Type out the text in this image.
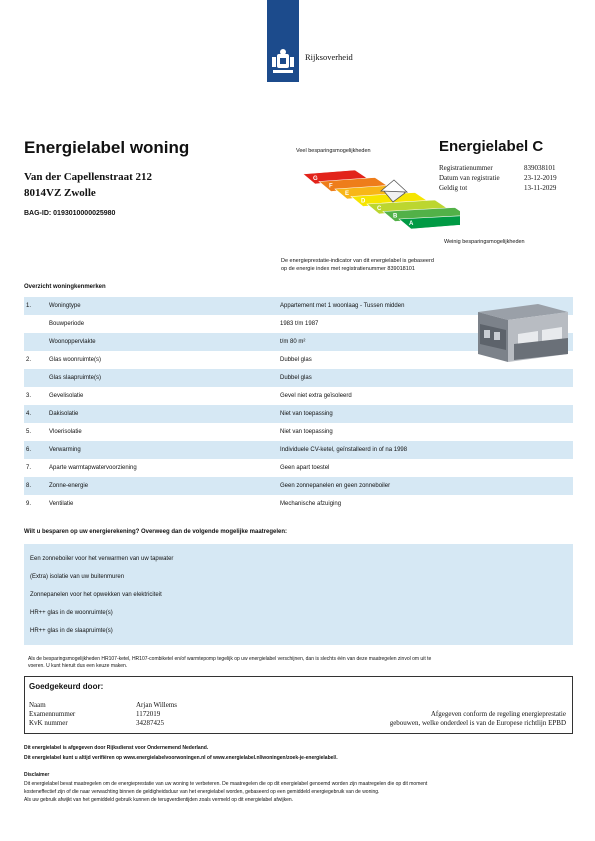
Rijksoverheid
Energielabel woning
Van der Capellenstraat 212
8014VZ Zwolle
BAG-ID: 0193010000025980
Energielabel C
Registratienummer	839038101
Datum van registratie	23-12-2019
Geldig tot	13-11-2029
Veel besparingsmogelijkheden
G
F
E
D
C
B
A
Weinig besparingsmogelijkheden
De energieprestatie-indicator van dit energielabel is gebaseerd
op de energie index met registratienummer 839018101
Overzicht woningkenmerken
1.	Woningtype	Appartement met 1 woonlaag - Tussen midden
Bouwperiode	1983 t/m 1987
Woonoppervlakte	t/m 80 m²
2.	Glas woonruimte(s)	Dubbel glas
Glas slaapruimte(s)	Dubbel glas
3.	Gevelisolatie	Gevel niet extra geïsoleerd
4.	Dakisolatie	Niet van toepassing
5.	Vloerisolatie	Niet van toepassing
6.	Verwarming	Individuele CV-ketel, geïnstalleerd in of na 1998
7.	Aparte warmtapwatervoorziening	Geen apart toestel
8.	Zonne-energie	Geen zonnepanelen en geen zonneboiler
9.	Ventilatie	Mechanische afzuiging
Wilt u besparen op uw energierekening? Overweeg dan de volgende mogelijke maatregelen:
Een zonneboiler voor het verwarmen van uw tapwater
(Extra) isolatie van uw buitenmuren
Zonnepanelen voor het opwekken van elektriciteit
HR++ glas in de woonruimte(s)
HR++ glas in de slaapruimte(s)
Als de besparingsmogelijkheden HR107-ketel, HR107-combiketel en/of warmtepomp tegelijk op uw energielabel verschijnen, dan is slechts één van deze maatregelen zinvol om uit te
voeren. U kunt hieruit dus een keuze maken.
Goedgekeurd door:
Naam	Arjan Willems
Examennummer	1172019
KvK nummer	34287425
Afgegeven conform de regeling energieprestatie
gebouwen, welke onderdeel is van de Europese richtlijn EPBD
Dit energielabel is afgegeven door Rijksdienst voor Ondernemend Nederland.
Dit energielabel kunt u altijd verifiëren op www.energielabelvoorwoningen.nl of www.energielabel.nl/woningen/zoek-je-energielabel/.
Disclaimer
Dit energielabel bevat maatregelen om de energieprestatie van uw woning te verbeteren. De maatregelen die op dit energielabel genoemd worden zijn maatregelen die op dit moment
kosteneffectief zijn of die naar verwachting binnen de geldigheidsduur van het energielabel worden, gebaseerd op een gemiddeld energiegebruik van de woning.
Als uw gebruik afwijkt van het gemiddeld gebruik kunnen de terugverdientijden zoals vermeld op dit energielabel afwijken.
